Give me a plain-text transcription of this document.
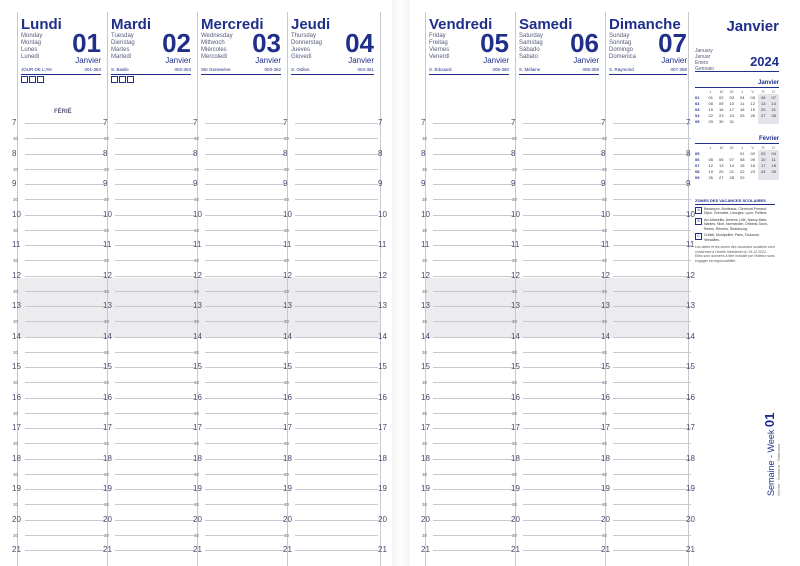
Janvier
January
Januar
Enero
Gennaio	2024
Janvier
	L	M	M	J	V	S	D
01	01	02	03	04	05	06	07
02	08	09	10	11	12	13	14
03	15	16	17	18	19	20	21
04	22	23	24	25	26	27	28
05	29	30	31				
Février
	L	M	M	J	V	S	D
05				01	02	03	04
06	05	06	07	08	09	10	11
07	12	13	14	15	16	17	18
08	19	20	21	22	23	24	25
09	26	27	28	29			
ZONES DES VACANCES SCOLAIRES
A	Besançon, Bordeaux, Clermont-Ferrand, Dijon, Grenoble, Limoges, Lyon, Poitiers.
B	Aix-Marseille, Amiens, Lille, Nancy-Metz, Nantes, Nice, Normandie, Orléans-Tours, Reims, Rennes, Strasbourg.
C	Créteil, Montpellier, Paris, Toulouse, Versailles.
Les dates et les zones des vacances scolaires sont conformes à l'arrêté ministériel du 15.12.2022. Elles sont données à titre indicatif par l'éditeur sans engager sa responsabilité.
Semaine - Week 01
Woche · Semana · Settimana
Lundi
Monday
Montag
Lunes
Lunedì 01
Janvier
JOUR DE L'AN	001-364
FÉRIÉ
Mardi
Tuesday
Dienstag
Martes
Martedì 02
Janvier
S. Basile	002-363
Mercredi
Wednesday
Mittwoch
Miércoles
Mercoledì 03
Janvier
Ste Geneviève	003-362
Jeudi
Thursday
Donnerstag
Jueves
Giovedì 04
Janvier
S. Odilon	004-361
Vendredi
Friday
Freitag
Viernes
Venerdì 05
Janvier
S. Édouard	005-360
Samedi
Saturday
Samstag
Sábado
Sabato 06
Janvier
S. Mélaine	006-359
Dimanche
Sunday
Sonntag
Domingo
Domenica 07
Janvier
S. Raymond	007-358
7
30
7
30
7
30
7
30
7
30
7
30
7
30
7	7
8
30
8
30
8
30
8
30
8
30
8
30
8
30
8	8
9
30
9
30
9
30
9
30
9
30
9
30
9
30
9	9
10
30
10
30
10
30
10
30
10
30
10
30
10
30
10	10
11
30
11
30
11
30
11
30
11
30
11
30
11
30
11	11
12
30
12
30
12
30
12
30
12
30
12
30
12
30
12	12
13
30
13
30
13
30
13
30
13
30
13
30
13
30
13	13
14
30
14
30
14
30
14
30
14
30
14
30
14
30
14	14
15
30
15
30
15
30
15
30
15
30
15
30
15
30
15	15
16
30
16
30
16
30
16
30
16
30
16
30
16
30
16	16
17
30
17
30
17
30
17
30
17
30
17
30
17
30
17	17
18
30
18
30
18
30
18
30
18
30
18
30
18
30
18	18
19
30
19
30
19
30
19
30
19
30
19
30
19
30
19	19
20
30
20
30
20
30
20
30
20
30
20
30
20
30
20	20
21	21	21	21	21	21	21
21	21
